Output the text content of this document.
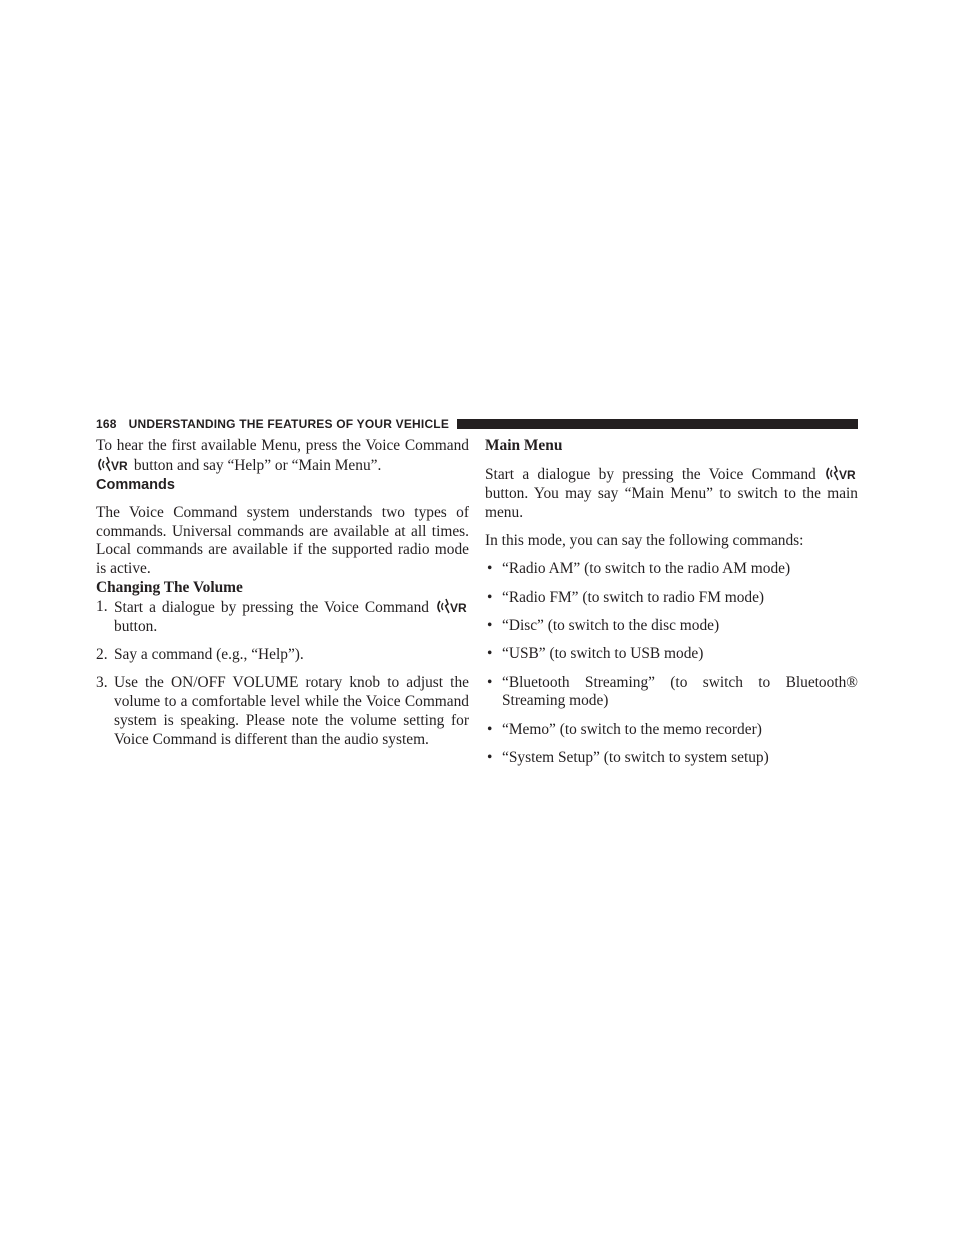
168 UNDERSTANDING THE FEATURES OF YOUR VEHICLE

To hear the first available Menu, press the Voice Command
VR button and say “Help” or “Main Menu”.

Commands

The Voice Command system understands two types of commands. Universal commands are available at all times. Local commands are available if the supported radio mode is active.

Changing The Volume
1. Start a dialogue by pressing the Voice Command VR
button.
2. Say a command (e.g., “Help”).
3. Use the ON/OFF VOLUME rotary knob to adjust the volume to a comfortable level while the Voice Command system is speaking. Please note the volume setting for Voice Command is different than the audio system.
Main Menu

Start a dialogue by pressing the Voice Command VR
button. You may say “Main Menu” to switch to the main menu.

In this mode, you can say the following commands:

• “Radio AM” (to switch to the radio AM mode)
• “Radio FM” (to switch to radio FM mode)
• “Disc” (to switch to the disc mode)
• “USB” (to switch to USB mode)
• “Bluetooth Streaming” (to switch to Bluetooth® Streaming mode)
• “Memo” (to switch to the memo recorder)
• “System Setup” (to switch to system setup)
